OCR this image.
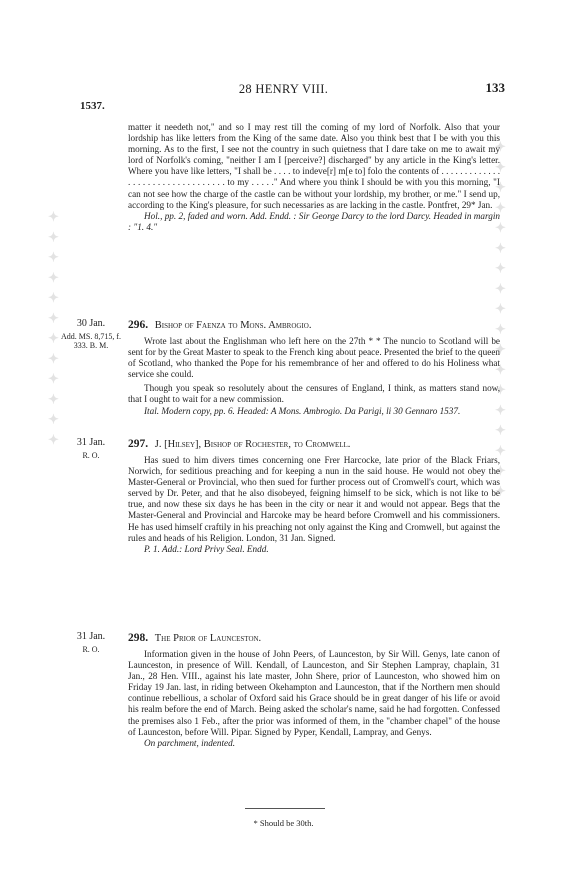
✦ ✦ ✦ ✦ ✦ ✦ ✦ ✦ ✦ ✦ ✦ ✦	✦ ✦ ✦ ✦ ✦ ✦ ✦ ✦ ✦ ✦ ✦ ✦ ✦ ✦ ✦ ✦ ✦ ✦
28 HENRY VIII.	133
1537.

matter it needeth not," and so I may rest till the coming of my lord of Norfolk. Also that your lordship has like letters from the King of the same date. Also you think best that I be with you this morning. As to the first, I see not the country in such quietness that I dare take on me to await my lord of Norfolk's coming, "neither I am I [perceive?] discharged" by any article in the King's letter. Where you have like letters, "I shall be . . . . to indeve[r] m[e to] folo the contents of . . . . . . . . . . . . . . . . . . . . . . . . . . . . . . . . . to my . . . . ." And where you think I should be with you this morning, "I can not see how the charge of the castle can be without your lordship, my brother, or me." I send up, according to the King's pleasure, for such necessaries as are lacking in the castle. Pontfret, 29* Jan.

Hol., pp. 2, faded and worn. Add. Endd. : Sir George Darcy to the lord Darcy. Headed in margin : "1. 4."

30 Jan.
Add. MS. 8,715, f. 333. B. M.
296. Bishop of Faenza to Mons. Ambrogio.

Wrote last about the Englishman who left here on the 27th * * The nuncio to Scotland will be sent for by the Great Master to speak to the French king about peace. Presented the brief to the queen of Scotland, who thanked the Pope for his remembrance of her and offered to do his Holiness what service she could.

Though you speak so resolutely about the censures of England, I think, as matters stand now, that I ought to wait for a new commission.

Ital. Modern copy, pp. 6. Headed: A Mons. Ambrogio. Da Parigi, li 30 Gennaro 1537.

31 Jan.
R. O.
297. J. [Hilsey], Bishop of Rochester, to Cromwell.

Has sued to him divers times concerning one Frer Harcocke, late prior of the Black Friars, Norwich, for seditious preaching and for keeping a nun in the said house. He would not obey the Master-General or Provincial, who then sued for further process out of Cromwell's court, which was served by Dr. Peter, and that he also disobeyed, feigning himself to be sick, which is not like to be true, and now these six days he has been in the city or near it and would not appear. Begs that the Master-General and Provincial and Harcoke may be heard before Cromwell and his commissioners. He has used himself craftily in his preaching not only against the King and Cromwell, but against the rules and heads of his Religion. London, 31 Jan. Signed.

P. 1. Add.: Lord Privy Seal. Endd.

31 Jan.
R. O.
298. The Prior of Launceston.

Information given in the house of John Peers, of Launceston, by Sir Will. Genys, late canon of Launceston, in presence of Will. Kendall, of Launceston, and Sir Stephen Lampray, chaplain, 31 Jan., 28 Hen. VIII., against his late master, John Shere, prior of Launceston, who showed him on Friday 19 Jan. last, in riding between Okehampton and Launceston, that if the Northern men should continue rebellious, a scholar of Oxford said his Grace should be in great danger of his life or avoid his realm before the end of March. Being asked the scholar's name, said he had forgotten. Confessed the premises also 1 Feb., after the prior was informed of them, in the "chamber chapel" of the house of Launceston, before Will. Pipar. Signed by Pyper, Kendall, Lampray, and Genys.

On parchment, indented.

* Should be 30th.
